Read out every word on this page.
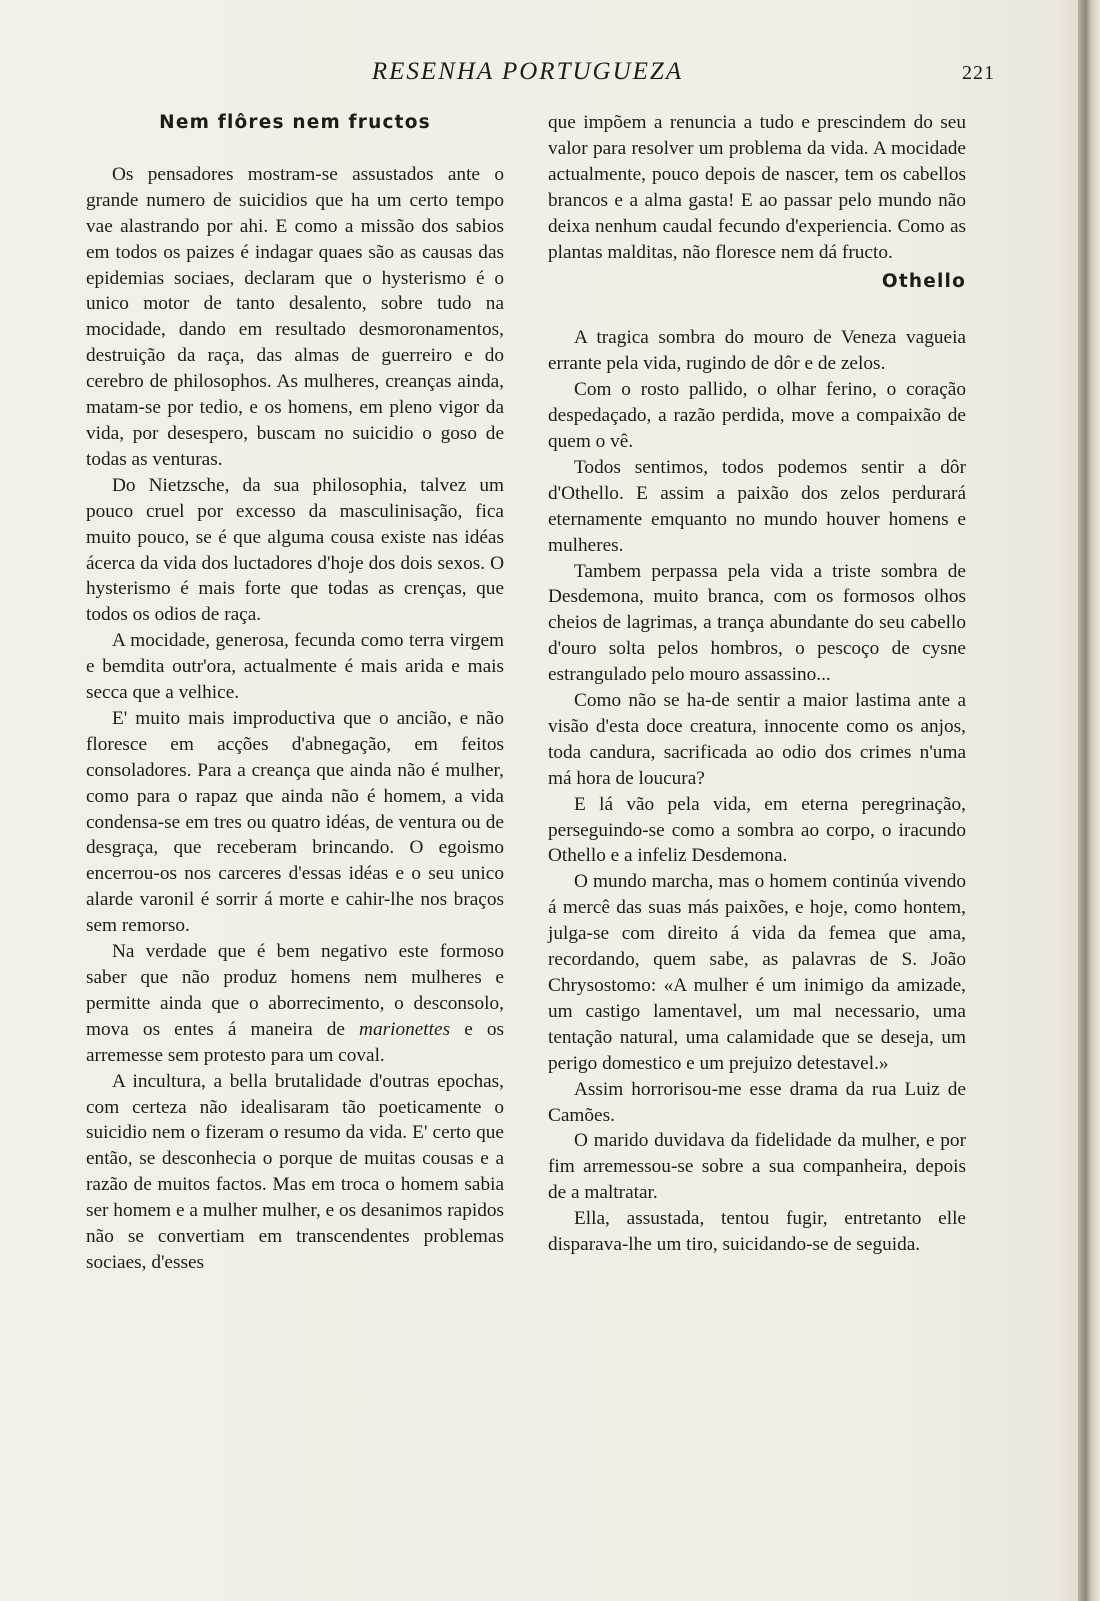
RESENHA PORTUGUEZA	221
Nem flôres nem fructos

Os pensadores mostram-se assustados ante o grande numero de suicidios que ha um certo tempo vae alastrando por ahi. E como a missão dos sabios em todos os paizes é indagar quaes são as causas das epidemias sociaes, declaram que o hysterismo é o unico motor de tanto desalento, sobre tudo na mocidade, dando em resultado desmoronamentos, destruição da raça, das almas de guerreiro e do cerebro de philosophos. As mulheres, creanças ainda, matam-se por tedio, e os homens, em pleno vigor da vida, por desespero, buscam no suicidio o goso de todas as venturas.

Do Nietzsche, da sua philosophia, talvez um pouco cruel por excesso da masculinisação, fica muito pouco, se é que alguma cousa existe nas idéas ácerca da vida dos luctadores d'hoje dos dois sexos. O hysterismo é mais forte que todas as crenças, que todos os odios de raça.

A mocidade, generosa, fecunda como terra virgem e bemdita outr'ora, actualmente é mais arida e mais secca que a velhice.

E' muito mais improductiva que o ancião, e não floresce em acções d'abnegação, em feitos consoladores. Para a creança que ainda não é mulher, como para o rapaz que ainda não é homem, a vida condensa-se em tres ou quatro idéas, de ventura ou de desgraça, que receberam brincando. O egoismo encerrou-os nos carceres d'essas idéas e o seu unico alarde varonil é sorrir á morte e cahir-lhe nos braços sem remorso.

Na verdade que é bem negativo este formoso saber que não produz homens nem mulheres e permitte ainda que o aborrecimento, o desconsolo, mova os entes á maneira de marionettes e os arremesse sem protesto para um coval.

A incultura, a bella brutalidade d'outras epochas, com certeza não idealisaram tão poeticamente o suicidio nem o fizeram o resumo da vida. E' certo que então, se desconhecia o porque de muitas cousas e a razão de muitos factos. Mas em troca o homem sabia ser homem e a mulher mulher, e os desanimos rapidos não se convertiam em transcendentes problemas sociaes, d'esses

que impõem a renuncia a tudo e prescindem do seu valor para resolver um problema da vida. A mocidade actualmente, pouco depois de nascer, tem os cabellos brancos e a alma gasta! E ao passar pelo mundo não deixa nenhum caudal fecundo d'experiencia. Como as plantas malditas, não floresce nem dá fructo.

Othello

A tragica sombra do mouro de Veneza vagueia errante pela vida, rugindo de dôr e de zelos.

Com o rosto pallido, o olhar ferino, o coração despedaçado, a razão perdida, move a compaixão de quem o vê.

Todos sentimos, todos podemos sentir a dôr d'Othello. E assim a paixão dos zelos perdurará eternamente emquanto no mundo houver homens e mulheres.

Tambem perpassa pela vida a triste sombra de Desdemona, muito branca, com os formosos olhos cheios de lagrimas, a trança abundante do seu cabello d'ouro solta pelos hombros, o pescoço de cysne estrangulado pelo mouro assassino...

Como não se ha-de sentir a maior lastima ante a visão d'esta doce creatura, innocente como os anjos, toda candura, sacrificada ao odio dos crimes n'uma má hora de loucura?

E lá vão pela vida, em eterna peregrinação, perseguindo-se como a sombra ao corpo, o iracundo Othello e a infeliz Desdemona.

O mundo marcha, mas o homem continúa vivendo á mercê das suas más paixões, e hoje, como hontem, julga-se com direito á vida da femea que ama, recordando, quem sabe, as palavras de S. João Chrysostomo: «A mulher é um inimigo da amizade, um castigo lamentavel, um mal necessario, uma tentação natural, uma calamidade que se deseja, um perigo domestico e um prejuizo detestavel.»

Assim horrorisou-me esse drama da rua Luiz de Camões.

O marido duvidava da fidelidade da mulher, e por fim arremessou-se sobre a sua companheira, depois de a maltratar.

Ella, assustada, tentou fugir, entretanto elle disparava-lhe um tiro, suicidando-se de seguida.
